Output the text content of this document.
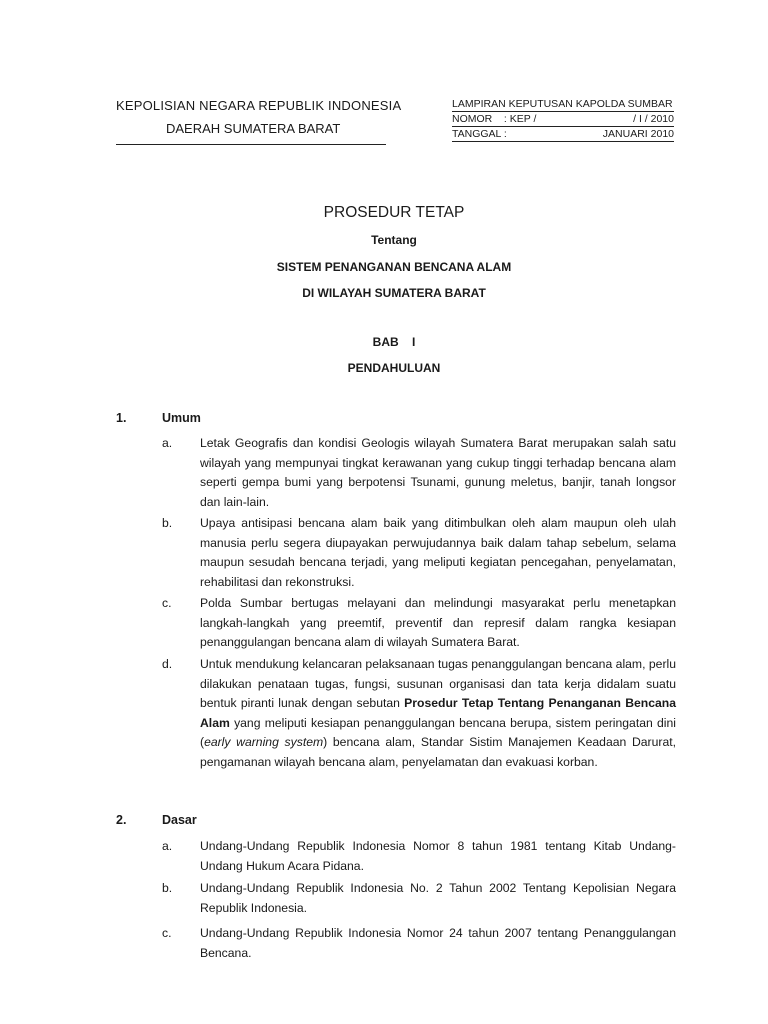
KEPOLISIAN NEGARA REPUBLIK INDONESIA
DAERAH SUMATERA BARAT
LAMPIRAN KEPUTUSAN KAPOLDA SUMBAR
NOMOR    : KEP /	/ I / 2010
TANGGAL :	JANUARI 2010
PROSEDUR TETAP
Tentang
SISTEM PENANGANAN BENCANA ALAM
DI WILAYAH SUMATERA BARAT
BAB    I
PENDAHULUAN
1.	Umum
a. Letak Geografis dan kondisi Geologis wilayah Sumatera Barat merupakan salah satu wilayah yang mempunyai tingkat kerawanan yang cukup tinggi terhadap bencana alam seperti gempa bumi yang berpotensi Tsunami, gunung meletus, banjir, tanah longsor dan lain-lain.
b. Upaya antisipasi bencana alam baik yang ditimbulkan oleh alam maupun oleh ulah manusia perlu segera diupayakan perwujudannya baik dalam tahap sebelum, selama maupun sesudah bencana terjadi, yang meliputi kegiatan pencegahan, penyelamatan, rehabilitasi dan rekonstruksi.
c. Polda Sumbar bertugas melayani dan melindungi masyarakat perlu menetapkan langkah-langkah yang preemtif, preventif dan represif dalam rangka kesiapan penanggulangan bencana alam di wilayah Sumatera Barat.
d. Untuk mendukung kelancaran pelaksanaan tugas penanggulangan bencana alam, perlu dilakukan penataan tugas, fungsi, susunan organisasi dan tata kerja didalam suatu bentuk piranti lunak dengan sebutan Prosedur Tetap Tentang Penanganan Bencana Alam yang meliputi kesiapan penanggulangan bencana berupa, sistem peringatan dini (early warning system) bencana alam, Standar Sistim Manajemen Keadaan Darurat, pengamanan wilayah bencana alam, penyelamatan dan evakuasi korban.
2.	Dasar
a. Undang-Undang Republik Indonesia Nomor 8 tahun 1981 tentang Kitab Undang-Undang Hukum Acara Pidana.
b. Undang-Undang Republik Indonesia No. 2 Tahun 2002 Tentang Kepolisian Negara Republik Indonesia.
c. Undang-Undang Republik Indonesia Nomor 24 tahun 2007 tentang Penanggulangan Bencana.
